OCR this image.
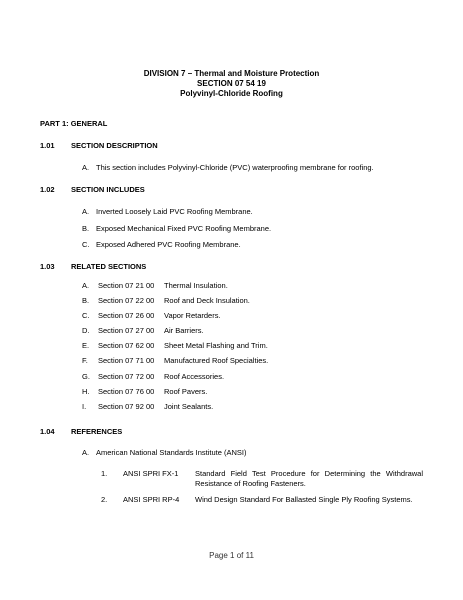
DIVISION 7 – Thermal and Moisture Protection
SECTION 07 54 19
Polyvinyl-Chloride Roofing
PART 1: GENERAL
1.01 SECTION DESCRIPTION
A. This section includes Polyvinyl-Chloride (PVC) waterproofing membrane for roofing.
1.02 SECTION INCLUDES
A. Inverted Loosely Laid PVC Roofing Membrane.
B. Exposed Mechanical Fixed PVC Roofing Membrane.
C. Exposed Adhered PVC Roofing Membrane.
1.03 RELATED SECTIONS
A. Section 07 21 00 Thermal Insulation.
B. Section 07 22 00 Roof and Deck Insulation.
C. Section 07 26 00 Vapor Retarders.
D. Section 07 27 00 Air Barriers.
E. Section 07 62 00 Sheet Metal Flashing and Trim.
F. Section 07 71 00 Manufactured Roof Specialties.
G. Section 07 72 00 Roof Accessories.
H. Section 07 76 00 Roof Pavers.
I. Section 07 92 00 Joint Sealants.
1.04 REFERENCES
A. American National Standards Institute (ANSI)
1. ANSI SPRI FX-1 Standard Field Test Procedure for Determining the Withdrawal Resistance of Roofing Fasteners.
2. ANSI SPRI RP-4 Wind Design Standard For Ballasted Single Ply Roofing Systems.
Page 1 of 11
